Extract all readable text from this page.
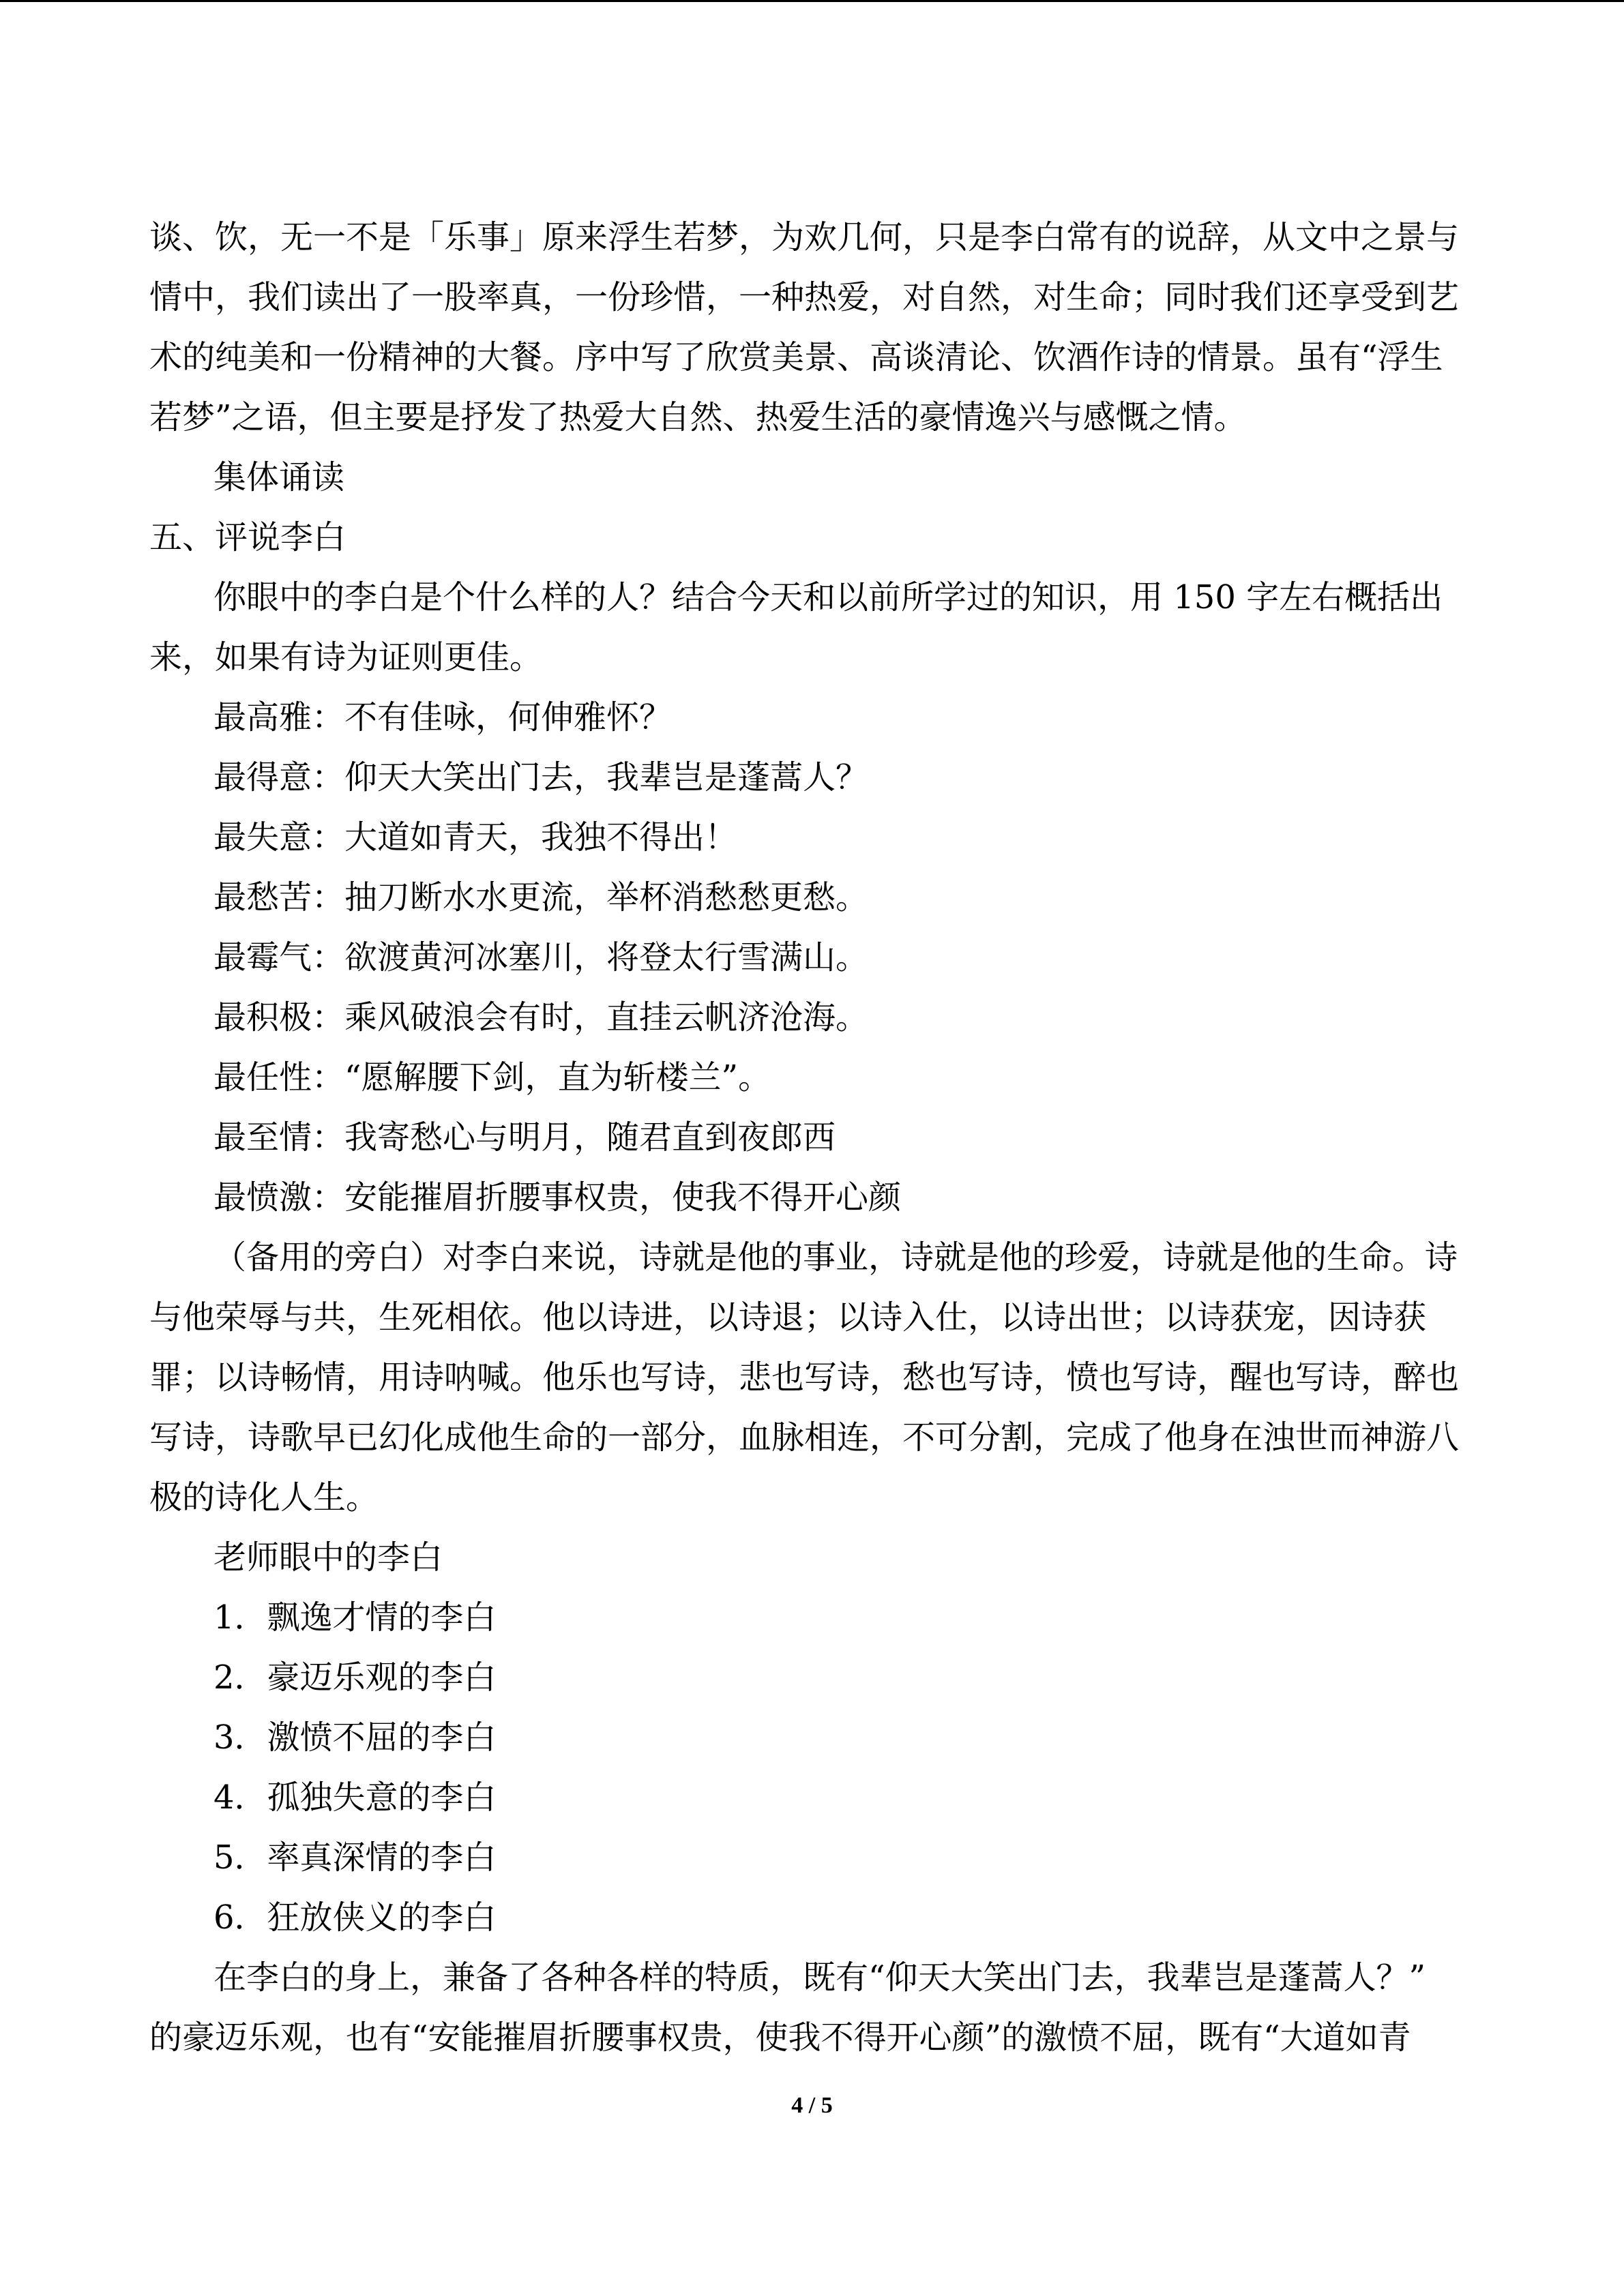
谈、饮，无一不是「乐事」原来浮生若梦，为欢几何，只是李白常有的说辞，从文中之景与

情中，我们读出了一股率真，一份珍惜，一种热爱，对自然，对生命；同时我们还享受到艺

术的纯美和一份精神的大餐。序中写了欣赏美景、高谈清论、饮酒作诗的情景。虽有“浮生

若梦”之语，但主要是抒发了热爱大自然、热爱生活的豪情逸兴与感慨之情。

集体诵读

五、评说李白

你眼中的李白是个什么样的人？结合今天和以前所学过的知识，用 150 字左右概括出

来，如果有诗为证则更佳。

最高雅：不有佳咏，何伸雅怀？

最得意：仰天大笑出门去，我辈岂是蓬蒿人？

最失意：大道如青天，我独不得出！

最愁苦：抽刀断水水更流，举杯消愁愁更愁。

最霉气：欲渡黄河冰塞川，将登太行雪满山。

最积极：乘风破浪会有时，直挂云帆济沧海。

最任性：“愿解腰下剑，直为斩楼兰”。

最至情：我寄愁心与明月，随君直到夜郎西

最愤激：安能摧眉折腰事权贵，使我不得开心颜

（备用的旁白）对李白来说，诗就是他的事业，诗就是他的珍爱，诗就是他的生命。诗

与他荣辱与共，生死相依。他以诗进，以诗退；以诗入仕，以诗出世；以诗获宠，因诗获

罪；以诗畅情，用诗呐喊。他乐也写诗，悲也写诗，愁也写诗，愤也写诗，醒也写诗，醉也

写诗，诗歌早已幻化成他生命的一部分，血脉相连，不可分割，完成了他身在浊世而神游八

极的诗化人生。

老师眼中的李白

1．飘逸才情的李白

2．豪迈乐观的李白

3．激愤不屈的李白

4．孤独失意的李白

5．率真深情的李白

6．狂放侠义的李白

在李白的身上，兼备了各种各样的特质，既有“仰天大笑出门去，我辈岂是蓬蒿人？”

的豪迈乐观，也有“安能摧眉折腰事权贵，使我不得开心颜”的激愤不屈，既有“大道如青

4 / 5
